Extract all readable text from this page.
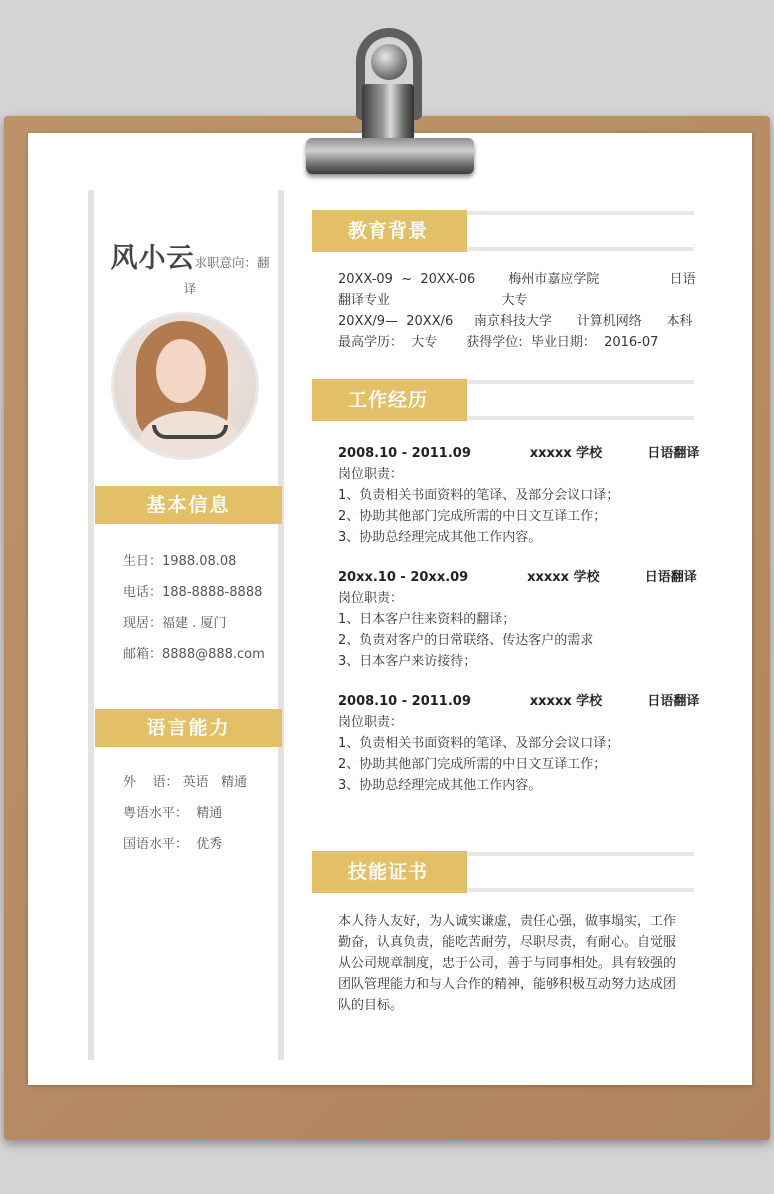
风小云求职意向：翻
译
基本信息
生日：1988.08.08
电话：188-8888-8888
现居：福建 . 厦门
邮箱：8888@888.com
语言能力
外    语： 英语   精通
粤语水平：  精通
国语水平：  优秀
教育背景
20XX-09  ~  20XX-06        梅州市嘉应学院                 日语
翻译专业                           大专
20XX/9—  20XX/6     南京科技大学      计算机网络      本科
最高学历：  大专       获得学位:  毕业日期：  2016-07
工作经历
2008.10 - 2011.09             xxxxx 学校          日语翻译
岗位职责：
1、负责相关书面资料的笔译、及部分会议口译；
2、协助其他部门完成所需的中日文互译工作；
3、协助总经理完成其他工作内容。
20xx.10 - 20xx.09             xxxxx 学校          日语翻译
岗位职责：
1、日本客户往来资料的翻译；
2、负责对客户的日常联络、传达客户的需求
3、日本客户来访接待；
2008.10 - 2011.09             xxxxx 学校          日语翻译
岗位职责：
1、负责相关书面资料的笔译、及部分会议口译；
2、协助其他部门完成所需的中日文互译工作；
3、协助总经理完成其他工作内容。
技能证书
本人待人友好，为人诚实谦虚，责任心强，做事塌实，工作勤奋，认真负责，能吃苦耐劳，尽职尽责，有耐心。自觉服从公司规章制度，忠于公司，善于与同事相处。具有较强的团队管理能力和与人合作的精神，能够积极互动努力达成团队的目标。
